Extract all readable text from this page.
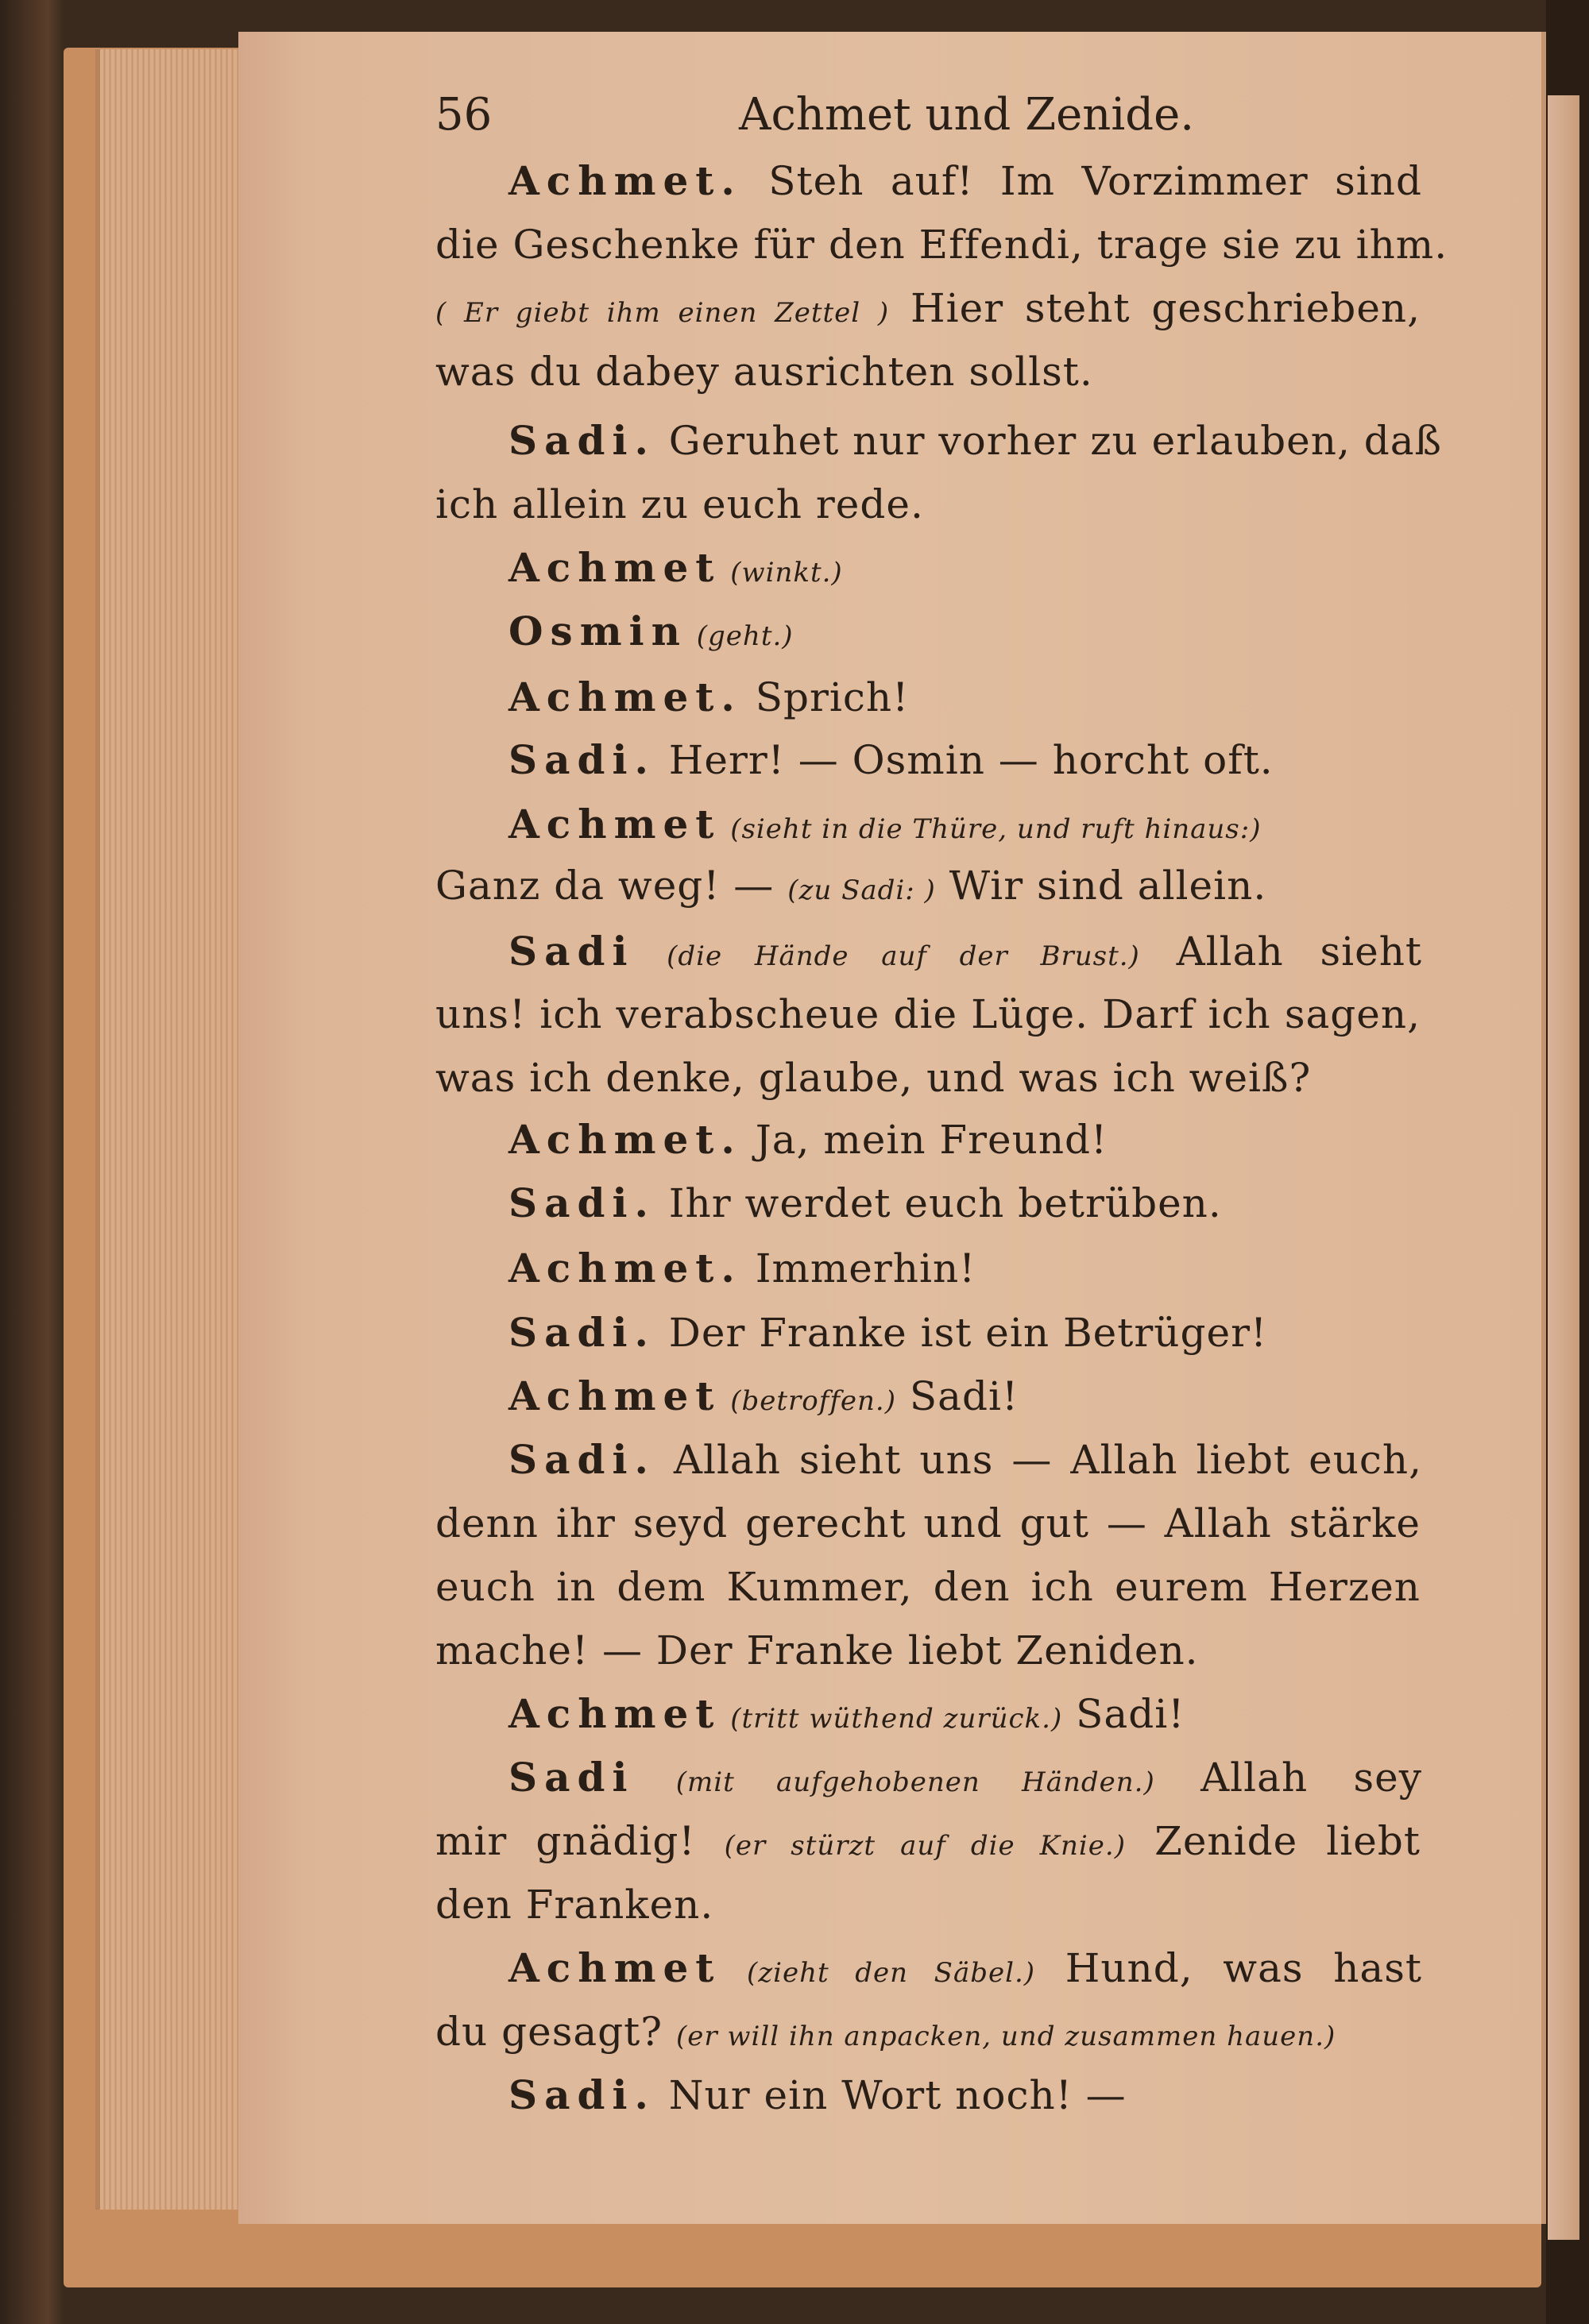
56	Achmet und Zenide.
Achmet. Steh auf! Im Vorzimmer sind
die Geschenke für den Effendi, trage sie zu ihm.
( Er giebt ihm einen Zettel ) Hier steht geschrieben,
was du dabey ausrichten sollst.
Sadi. Geruhet nur vorher zu erlauben, daß
ich allein zu euch rede.
Achmet (winkt.)
Osmin (geht.)
Achmet. Sprich!
Sadi. Herr! — Osmin — horcht oft.
Achmet (sieht in die Thüre, und ruft hinaus:)
Ganz da weg! — (zu Sadi: ) Wir sind allein.
Sadi (die Hände auf der Brust.) Allah sieht
uns! ich verabscheue die Lüge. Darf ich sagen,
was ich denke, glaube, und was ich weiß?
Achmet. Ja, mein Freund!
Sadi. Ihr werdet euch betrüben.
Achmet. Immerhin!
Sadi. Der Franke ist ein Betrüger!
Achmet (betroffen.) Sadi!
Sadi. Allah sieht uns — Allah liebt euch,
denn ihr seyd gerecht und gut — Allah stärke
euch in dem Kummer, den ich eurem Herzen
mache! — Der Franke liebt Zeniden.
Achmet (tritt wüthend zurück.) Sadi!
Sadi (mit aufgehobenen Händen.) Allah sey
mir gnädig! (er stürzt auf die Knie.) Zenide liebt
den Franken.
Achmet (zieht den Säbel.) Hund, was hast
du gesagt? (er will ihn anpacken, und zusammen hauen.)
Sadi. Nur ein Wort noch! —
